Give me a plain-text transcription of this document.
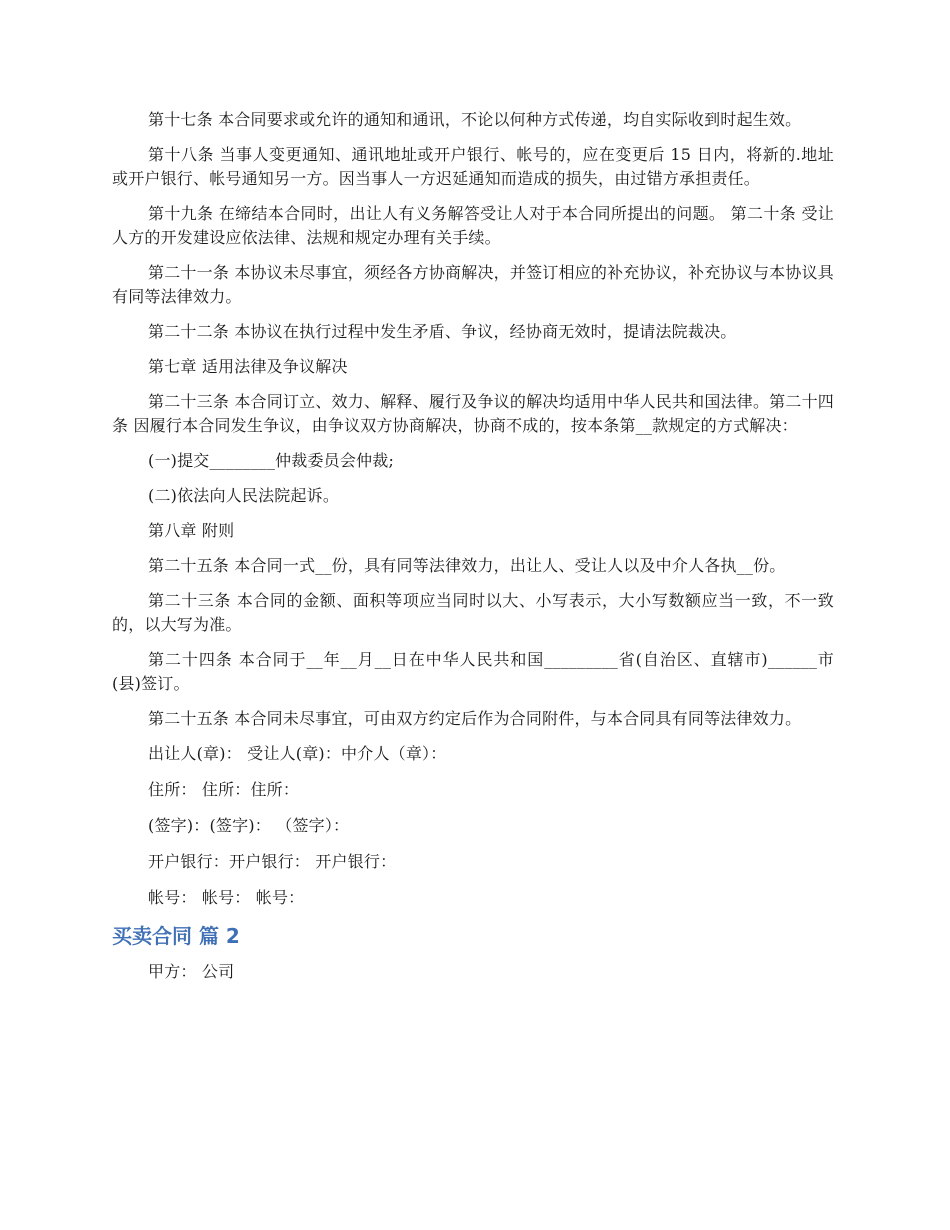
第十七条 本合同要求或允许的通知和通讯，不论以何种方式传递，均自实际收到时起生效。

第十八条 当事人变更通知、通讯地址或开户银行、帐号的，应在变更后 15 日内，将新的.地址或开户银行、帐号通知另一方。因当事人一方迟延通知而造成的损失，由过错方承担责任。

第十九条 在缔结本合同时，出让人有义务解答受让人对于本合同所提出的问题。 第二十条 受让人方的开发建设应依法律、法规和规定办理有关手续。

第二十一条 本协议未尽事宜，须经各方协商解决，并签订相应的补充协议，补充协议与本协议具有同等法律效力。

第二十二条 本协议在执行过程中发生矛盾、争议，经协商无效时，提请法院裁决。

第七章 适用法律及争议解决

第二十三条 本合同订立、效力、解释、履行及争议的解决均适用中华人民共和国法律。第二十四条 因履行本合同发生争议，由争议双方协商解决，协商不成的，按本条第__款规定的方式解决：

(一)提交________仲裁委员会仲裁;

(二)依法向人民法院起诉。

第八章 附则

第二十五条 本合同一式__份，具有同等法律效力，出让人、受让人以及中介人各执__份。

第二十三条 本合同的金额、面积等项应当同时以大、小写表示，大小写数额应当一致，不一致的，以大写为准。

第二十四条 本合同于__年__月__日在中华人民共和国_________省(自治区、直辖市)______市(县)签订。

第二十五条 本合同未尽事宜，可由双方约定后作为合同附件，与本合同具有同等法律效力。

出让人(章)： 受让人(章)：中介人（章）：

住所： 住所：住所：

(签字)：(签字)： （签字）：

开户银行：开户银行： 开户银行：

帐号： 帐号： 帐号：

买卖合同 篇 2

甲方： 公司
